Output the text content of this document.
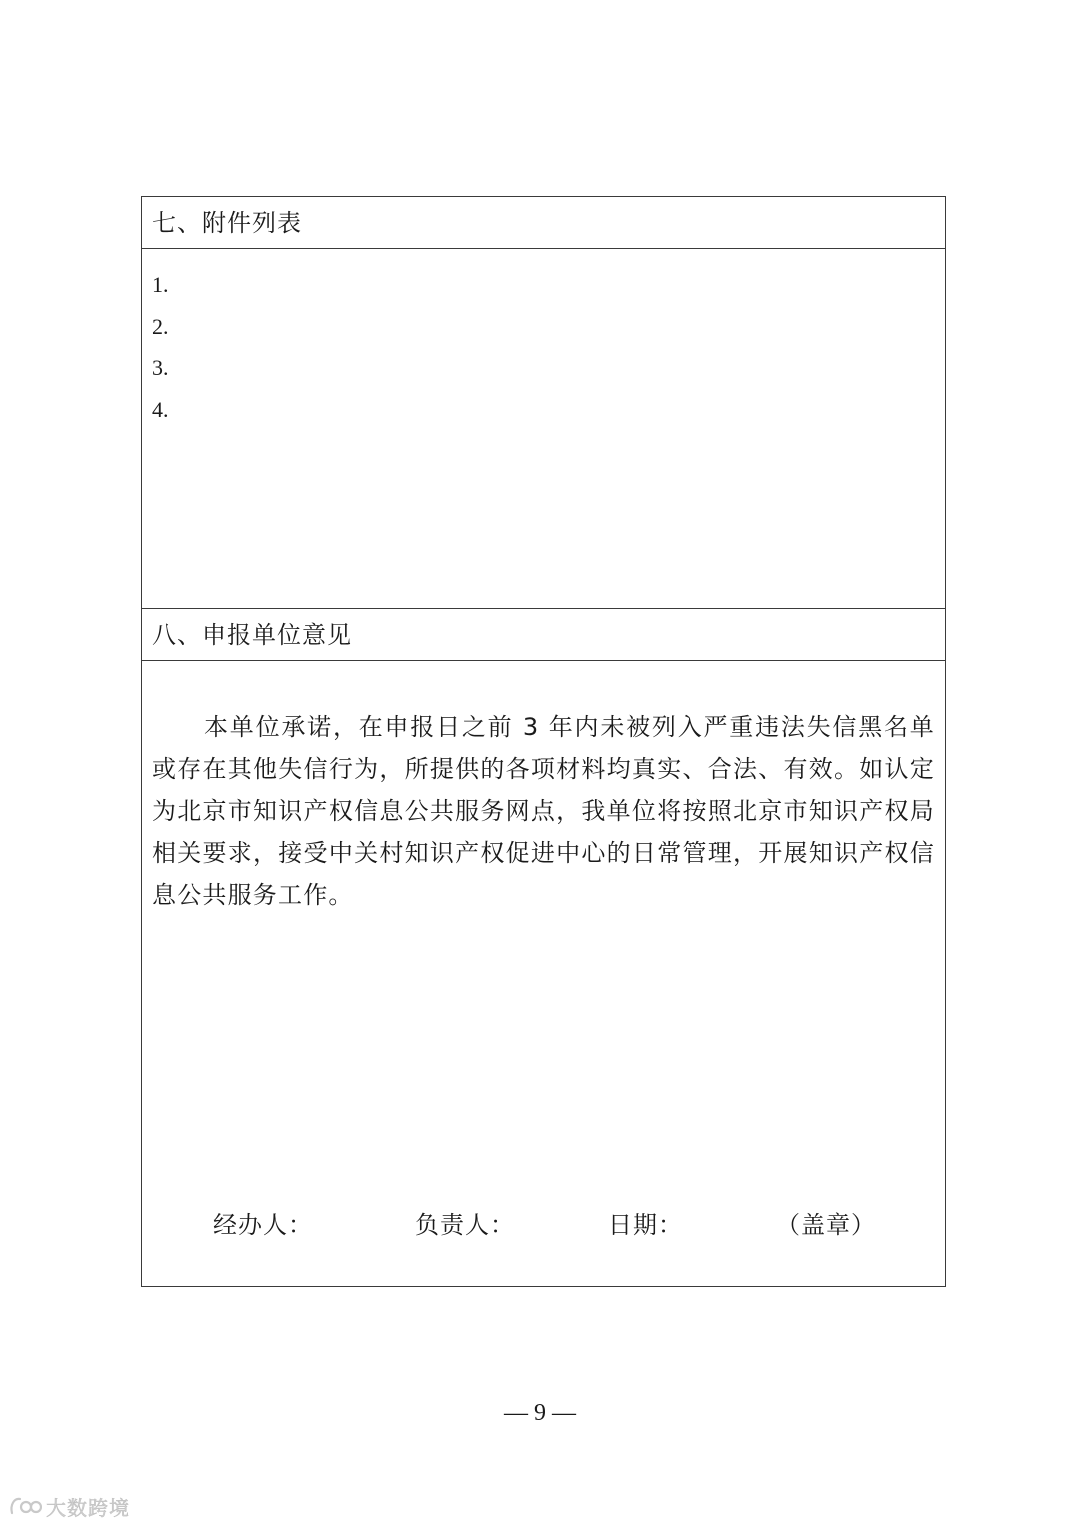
七、附件列表
1.
2.
3.
4.
八、申报单位意见

本单位承诺，在申报日之前 3 年内未被列入严重违法失信黑名单或存在其他失信行为，所提供的各项材料均真实、合法、有效。如认定为北京市知识产权信息公共服务网点，我单位将按照北京市知识产权局相关要求，接受中关村知识产权促进中心的日常管理，开展知识产权信息公共服务工作。

经办人：	负责人：	日期：	（盖章）
— 9 —
大数跨境
